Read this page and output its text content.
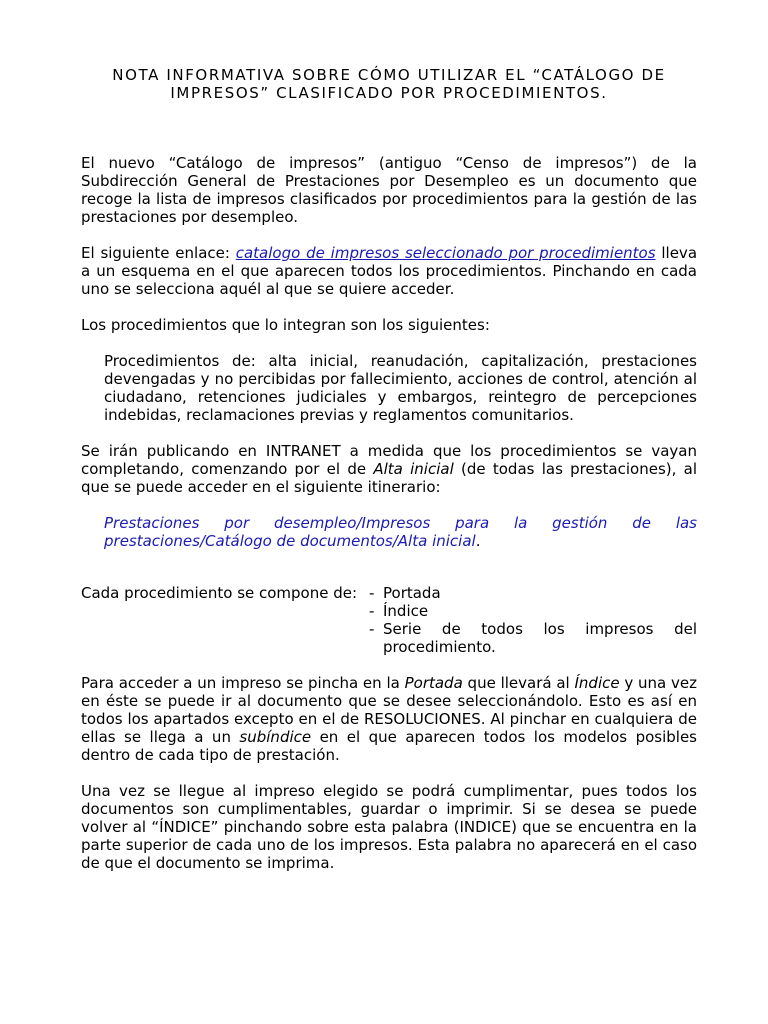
NOTA INFORMATIVA SOBRE CÓMO UTILIZAR EL “CATÁLOGO DE
IMPRESOS” CLASIFICADO POR PROCEDIMIENTOS.

El nuevo “Catálogo de impresos” (antiguo “Censo de impresos”) de la Subdirección General de Prestaciones por Desempleo es un documento que recoge la lista de impresos clasificados por procedimientos para la gestión de las prestaciones por desempleo.

El siguiente enlace: catalogo de impresos seleccionado por procedimientos lleva a un esquema en el que aparecen todos los procedimientos. Pinchando en cada uno se selecciona aquél al que se quiere acceder.

Los procedimientos que lo integran son los siguientes:

Procedimientos de: alta inicial, reanudación, capitalización, prestaciones devengadas y no percibidas por fallecimiento, acciones de control, atención al ciudadano, retenciones judiciales y embargos, reintegro de percepciones indebidas, reclamaciones previas y reglamentos comunitarios.

Se irán publicando en INTRANET a medida que los procedimientos se vayan completando, comenzando por el de Alta inicial (de todas las prestaciones), al que se puede acceder en el siguiente itinerario:

Prestaciones por desempleo/Impresos para la gestión de las prestaciones/Catálogo de documentos/Alta inicial.

Cada procedimiento se compone de: - Portada
- Índice
- Serie de todos los impresos del procedimiento.

Para acceder a un impreso se pincha en la Portada que llevará al Índice y una vez en éste se puede ir al documento que se desee seleccionándolo. Esto es así en todos los apartados excepto en el de RESOLUCIONES. Al pinchar en cualquiera de ellas se llega a un subíndice en el que aparecen todos los modelos posibles dentro de cada tipo de prestación.

Una vez se llegue al impreso elegido se podrá cumplimentar, pues todos los documentos son cumplimentables, guardar o imprimir. Si se desea se puede volver al “ÍNDICE” pinchando sobre esta palabra (INDICE) que se encuentra en la parte superior de cada uno de los impresos. Esta palabra no aparecerá en el caso de que el documento se imprima.
